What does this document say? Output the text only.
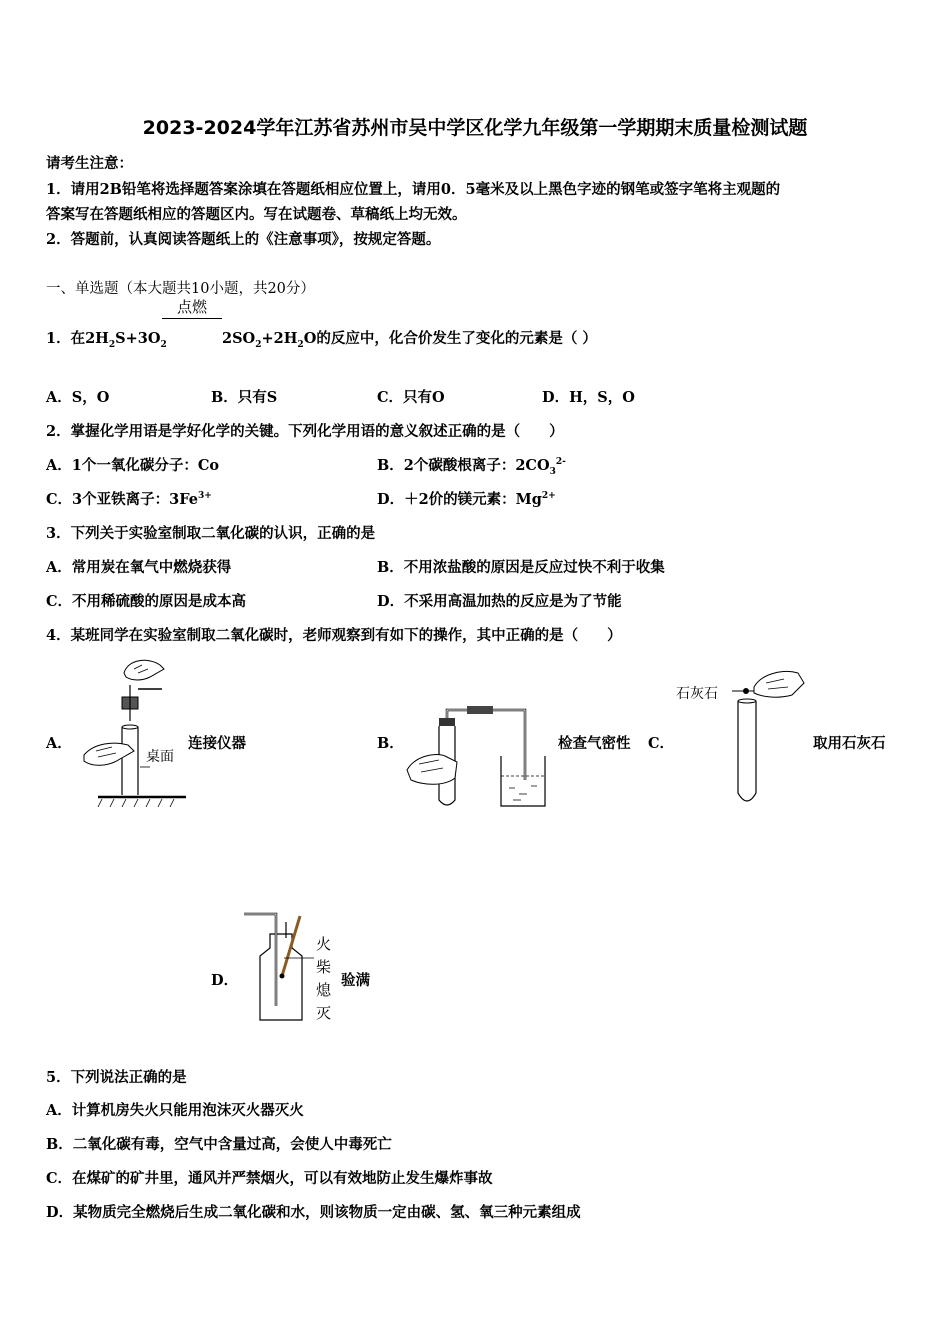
2023-2024学年江苏省苏州市吴中学区化学九年级第一学期期末质量检测试题
请考生注意：
1．请用2B铅笔将选择题答案涂填在答题纸相应位置上，请用0．5毫米及以上黑色字迹的钢笔或签字笔将主观题的
答案写在答题纸相应的答题区内。写在试题卷、草稿纸上均无效。
2．答题前，认真阅读答题纸上的《注意事项》，按规定答题。
一、单选题（本大题共10小题，共20分）
1．在$2H_2S+3O_2$
点燃
$2SO_2+2H_2O$的反应中，化合价发生了变化的元素是（ ）
A．S，O	B．只有S	C．只有O	D．H，S，O
2．掌握化学用语是学好化学的关键。下列化学用语的意义叙述正确的是（　　）
A．1个一氧化碳分子：Co	B．2个碳酸根离子：$2CO_3^{2-}$
C．3个亚铁离子：$3Fe^{3+}$	D．＋2价的镁元素：$Mg^{2+}$
3．下列关于实验室制取二氧化碳的认识，正确的是
A．常用炭在氧气中燃烧获得	B．不用浓盐酸的原因是反应过快不利于收集
C．不用稀硫酸的原因是成本高	D．不采用高温加热的反应是为了节能
4．某班同学在实验室制取二氧化碳时，老师观察到有如下的操作，其中正确的是（　　）
A．
桌面
连接仪器	B．	检查气密性 C．
石灰石
取用石灰石
D．
火
柴
熄
灭
验满
5．下列说法正确的是
A．计算机房失火只能用泡沫灭火器灭火
B．二氧化碳有毒，空气中含量过高，会使人中毒死亡
C．在煤矿的矿井里，通风并严禁烟火，可以有效地防止发生爆炸事故
D．某物质完全燃烧后生成二氧化碳和水，则该物质一定由碳、氢、氧三种元素组成
